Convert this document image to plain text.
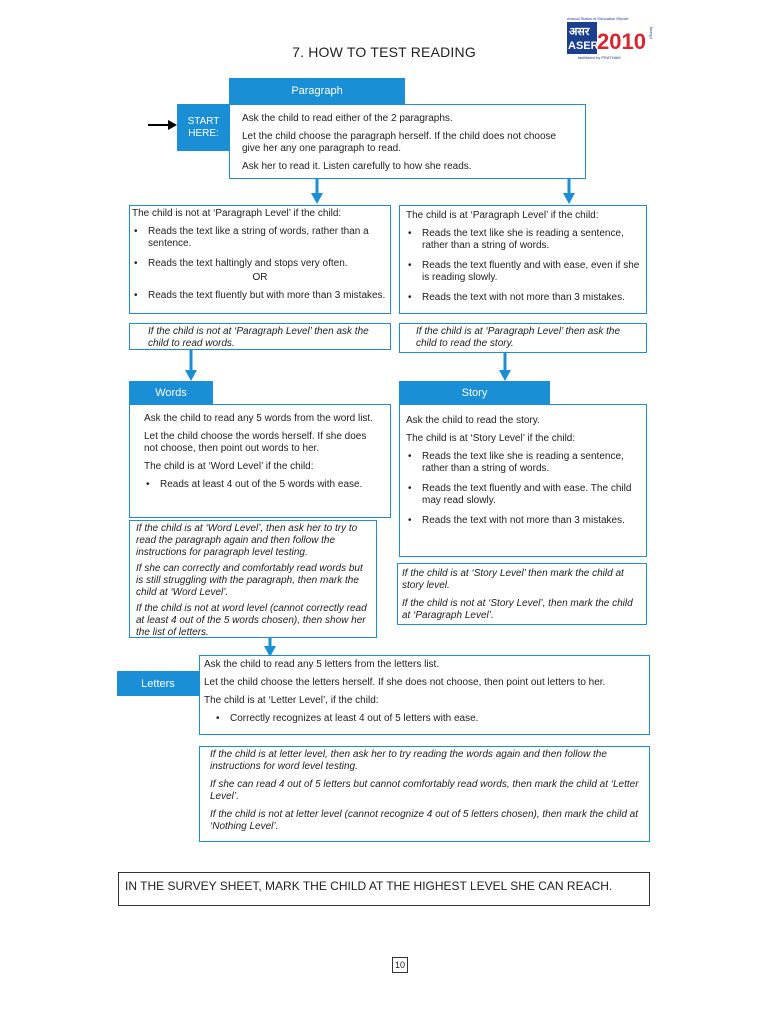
7. HOW TO TEST READING
Annual Status of Education Report
असर
ASER
2010 (Rural)
facilitated by PRATHAM
Paragraph
START HERE:

Ask the child to read either of the 2 paragraphs.

Let the child choose the paragraph herself. If the child does not choose give her any one paragraph to read.

Ask her to read it. Listen carefully to how she reads.

The child is not at ‘Paragraph Level’ if the child:
• Reads the text like a string of words, rather than a sentence.
• Reads the text haltingly and stops very often.
OR
• Reads the text fluently but with more than 3 mistakes.
The child is at ‘Paragraph Level’ if the child:
• Reads the text like she is reading a sentence, rather than a string of words.
• Reads the text fluently and with ease, even if she is reading slowly.
• Reads the text with not more than 3 mistakes.
If the child is not at ‘Paragraph Level’ then ask the child to read words.
If the child is at ‘Paragraph Level’ then ask the child to read the story.
Words

Ask the child to read any 5 words from the word list.

Let the child choose the words herself. If she does not choose, then point out words to her.

The child is at ‘Word Level’ if the child:

• Reads at least 4 out of the 5 words with ease.
Story

Ask the child to read the story.

The child is at ‘Story Level’ if the child:

• Reads the text like she is reading a sentence, rather than a string of words.
• Reads the text fluently and with ease. The child may read slowly.
• Reads the text with not more than 3 mistakes.

If the child is at ‘Word Level’, then ask her to try to read the paragraph again and then follow the instructions for paragraph level testing.

If she can correctly and comfortably read words but is still struggling with the paragraph, then mark the child at ‘Word Level’.

If the child is not at word level (cannot correctly read at least 4 out of the 5 words chosen), then show her the list of letters.

If the child is at ‘Story Level’ then mark the child at story level.

If the child is not at ‘Story Level’, then mark the child at ‘Paragraph Level’.

Letters

Ask the child to read any 5 letters from the letters list.

Let the child choose the letters herself. If she does not choose, then point out letters to her.

The child is at ‘Letter Level’, if the child:

• Correctly recognizes at least 4 out of 5 letters with ease.

If the child is at letter level, then ask her to try reading the words again and then follow the instructions for word level testing.

If she can read 4 out of 5 letters but cannot comfortably read words, then mark the child at ‘Letter Level’.

If the child is not at letter level (cannot recognize 4 out of 5 letters chosen), then mark the child at ‘Nothing Level’.

IN THE SURVEY SHEET, MARK THE CHILD AT THE HIGHEST LEVEL SHE CAN REACH.
10
